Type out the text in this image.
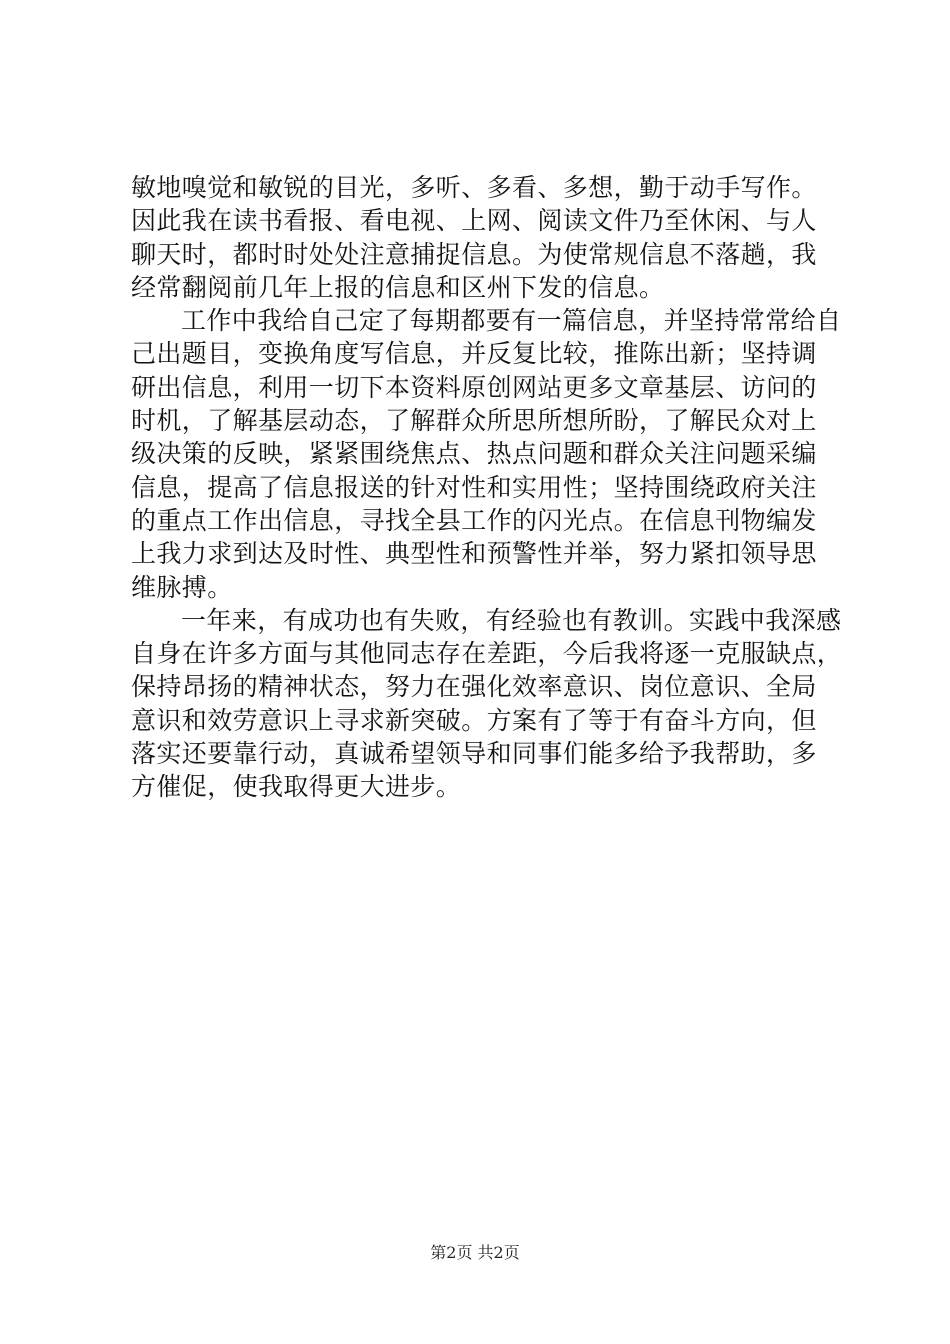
敏地嗅觉和敏锐的目光，多听、多看、多想，勤于动手写作。
因此我在读书看报、看电视、上网、阅读文件乃至休闲、与人
聊天时，都时时处处注意捕捉信息。为使常规信息不落趟，我
经常翻阅前几年上报的信息和区州下发的信息。
工作中我给自己定了每期都要有一篇信息，并坚持常常给自
己出题目，变换角度写信息，并反复比较，推陈出新；坚持调
研出信息，利用一切下本资料原创网站更多文章基层、访问的
时机，了解基层动态，了解群众所思所想所盼，了解民众对上
级决策的反映，紧紧围绕焦点、热点问题和群众关注问题采编
信息，提高了信息报送的针对性和实用性；坚持围绕政府关注
的重点工作出信息，寻找全县工作的闪光点。在信息刊物编发
上我力求到达及时性、典型性和预警性并举，努力紧扣领导思
维脉搏。
一年来，有成功也有失败，有经验也有教训。实践中我深感
自身在许多方面与其他同志存在差距，今后我将逐一克服缺点，
保持昂扬的精神状态，努力在强化效率意识、岗位意识、全局
意识和效劳意识上寻求新突破。方案有了等于有奋斗方向，但
落实还要靠行动，真诚希望领导和同事们能多给予我帮助，多
方催促，使我取得更大进步。
第2页 共2页
